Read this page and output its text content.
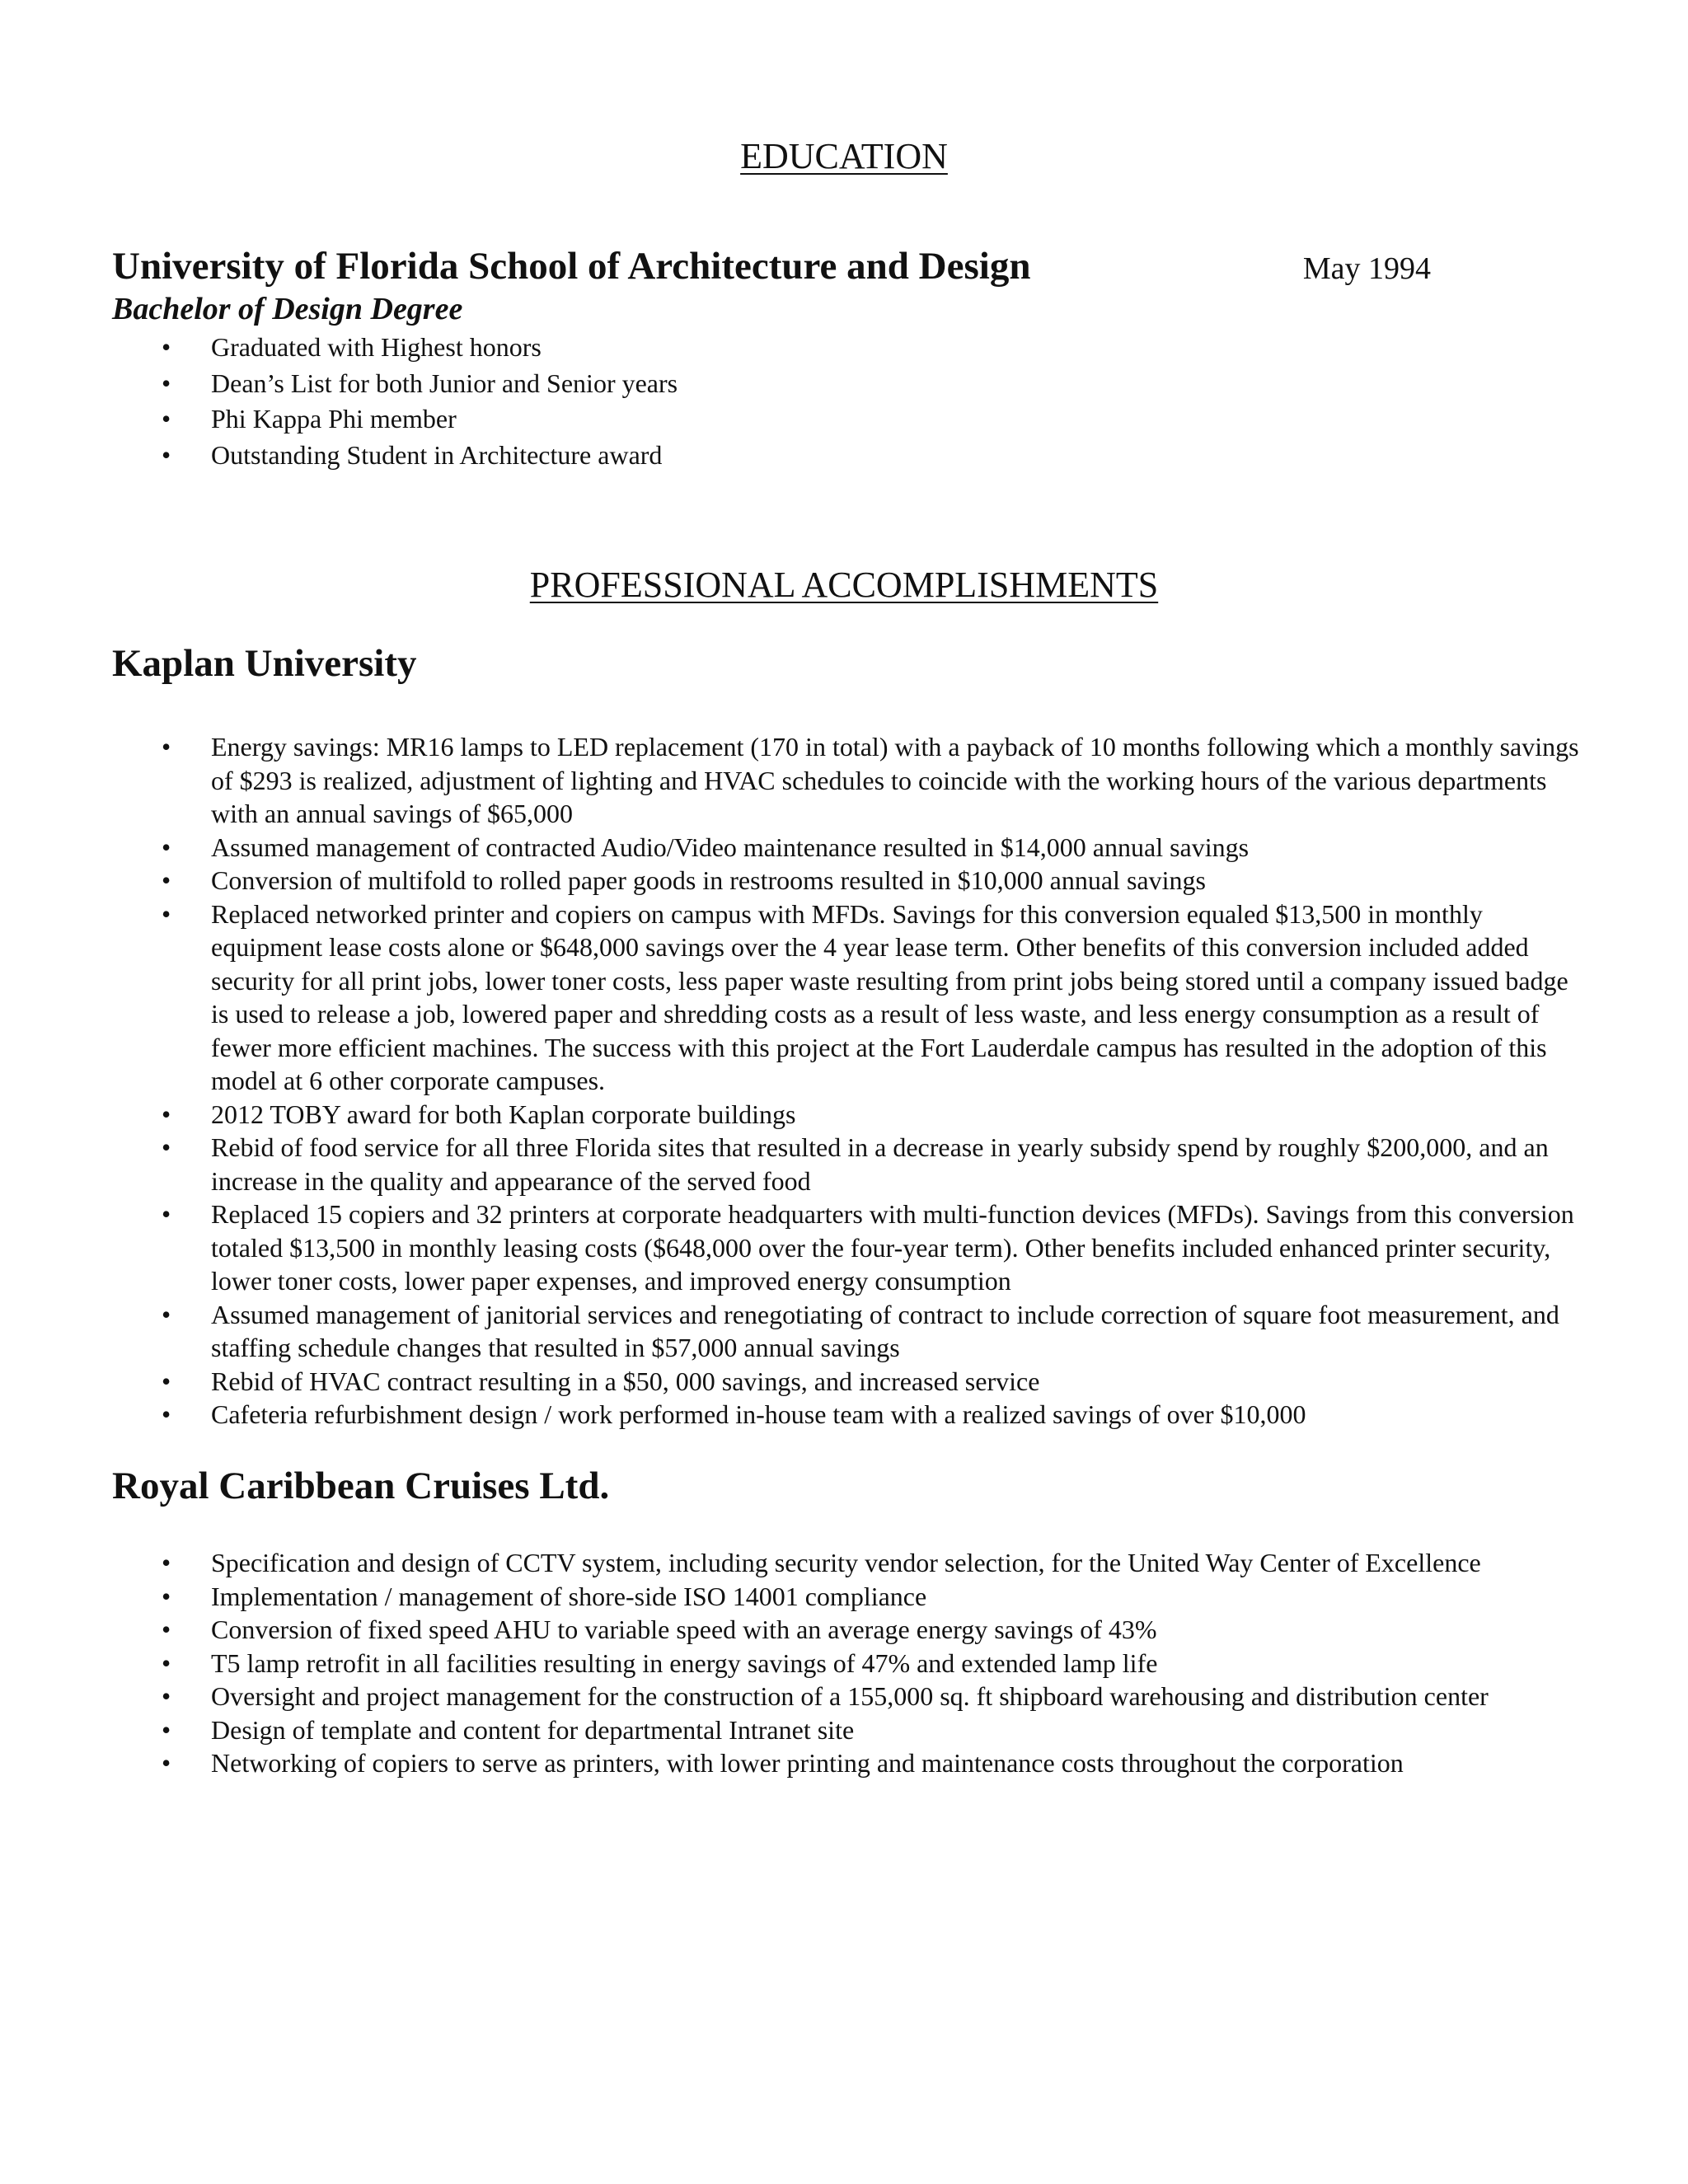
EDUCATION
University of Florida School of Architecture and Design	May 1994
Bachelor of Design Degree
• Graduated with Highest honors
• Dean’s List for both Junior and Senior years
• Phi Kappa Phi member
• Outstanding Student in Architecture award
PROFESSIONAL ACCOMPLISHMENTS
Kaplan University
• Energy savings: MR16 lamps to LED replacement (170 in total) with a payback of 10 months following which a monthly savings of $293 is realized, adjustment of lighting and HVAC schedules to coincide with the working hours of the various departments with an annual savings of $65,000
• Assumed management of contracted Audio/Video maintenance resulted in $14,000 annual savings
• Conversion of multifold to rolled paper goods in restrooms resulted in $10,000 annual savings
• Replaced networked printer and copiers on campus with MFDs. Savings for this conversion equaled $13,500 in monthly equipment lease costs alone or $648,000 savings over the 4 year lease term. Other benefits of this conversion included added security for all print jobs, lower toner costs, less paper waste resulting from print jobs being stored until a company issued badge is used to release a job, lowered paper and shredding costs as a result of less waste, and less energy consumption as a result of fewer more efficient machines. The success with this project at the Fort Lauderdale campus has resulted in the adoption of this model at 6 other corporate campuses.
• 2012 TOBY award for both Kaplan corporate buildings
• Rebid of food service for all three Florida sites that resulted in a decrease in yearly subsidy spend by roughly $200,000, and an increase in the quality and appearance of the served food
• Replaced 15 copiers and 32 printers at corporate headquarters with multi-function devices (MFDs). Savings from this conversion totaled $13,500 in monthly leasing costs ($648,000 over the four-year term). Other benefits included enhanced printer security, lower toner costs, lower paper expenses, and improved energy consumption
• Assumed management of janitorial services and renegotiating of contract to include correction of square foot measurement, and staffing schedule changes that resulted in $57,000 annual savings
• Rebid of HVAC contract resulting in a $50, 000 savings, and increased service
• Cafeteria refurbishment design / work performed in-house team with a realized savings of over $10,000
Royal Caribbean Cruises Ltd.
• Specification and design of CCTV system, including security vendor selection, for the United Way Center of Excellence
• Implementation / management of shore-side ISO 14001 compliance
• Conversion of fixed speed AHU to variable speed with an average energy savings of 43%
• T5 lamp retrofit in all facilities resulting in energy savings of 47% and extended lamp life
• Oversight and project management for the construction of a 155,000 sq. ft shipboard warehousing and distribution center
• Design of template and content for departmental Intranet site
• Networking of copiers to serve as printers, with lower printing and maintenance costs throughout the corporation
